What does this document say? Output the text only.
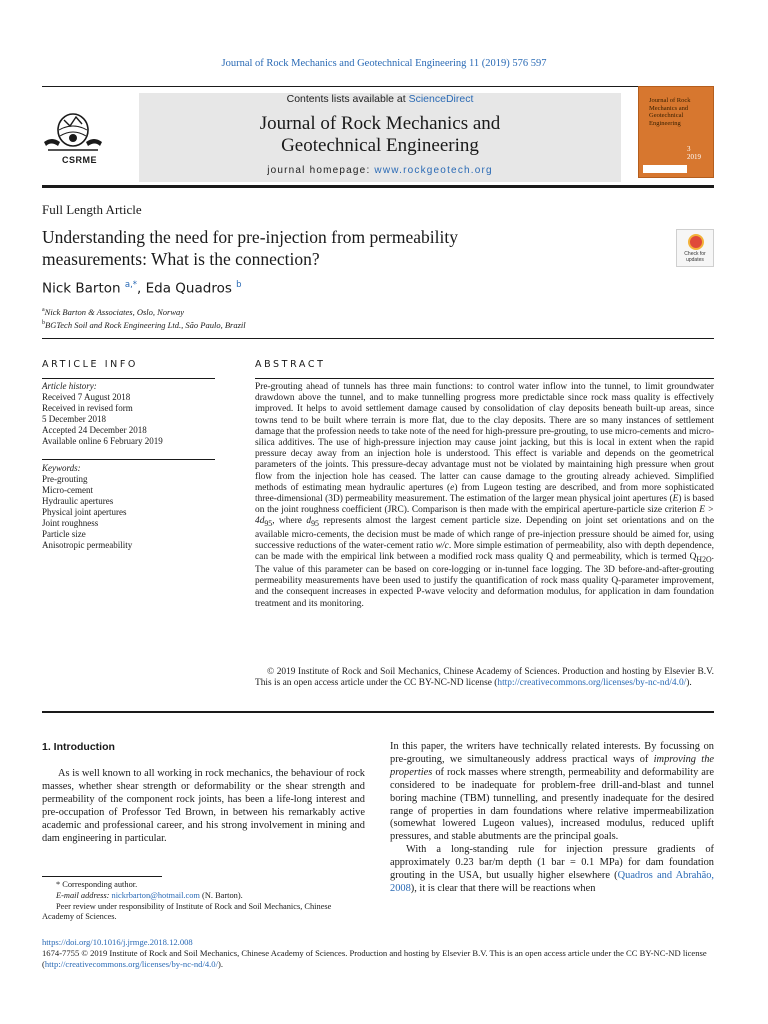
Journal of Rock Mechanics and Geotechnical Engineering 11 (2019) 576 597
CSRME
Contents lists available at ScienceDirect
Journal of Rock Mechanics and
Geotechnical Engineering
journal homepage: www.rockgeotech.org
Journal of Rock Mechanics and Geotechnical Engineering
3
2019
Full Length Article
Understanding the need for pre-injection from permeability
measurements: What is the connection?	Check for updates
Nick Barton $^{a,*}$, Eda Quadros $^b$
$^a$Nick Barton & Associates, Oslo, Norway
$^b$BGTech Soil and Rock Engineering Ltd., São Paulo, Brazil
ARTICLE INFO
Article history:
Received 7 August 2018
Received in revised form
5 December 2018
Accepted 24 December 2018
Available online 6 February 2019
Keywords:
Pre-grouting
Micro-cement
Hydraulic apertures
Physical joint apertures
Joint roughness
Particle size
Anisotropic permeability
ABSTRACT
Pre-grouting ahead of tunnels has three main functions: to control water inflow into the tunnel, to limit groundwater drawdown above the tunnel, and to make tunnelling progress more predictable since rock mass quality is effectively improved. It helps to avoid settlement damage caused by consolidation of clay deposits beneath built-up areas, since towns tend to be built where terrain is more flat, due to the clay deposits. There are so many instances of settlement damage that the profession needs to take note of the need for high-pressure pre-grouting, to use micro-cements and micro-silica additives. The use of high-pressure injection may cause joint jacking, but this is local in extent when the rapid pressure decay away from an injection hole is understood. This effect is variable and depends on the geometrical parameters of the joints. This pressure-decay advantage must not be violated by maintaining high pressure when grout flow from the injection hole has ceased. The latter can cause damage to the grouting already achieved. Simplified methods of estimating mean hydraulic apertures (e) from Lugeon testing are described, and from more sophisticated three-dimensional (3D) permeability measurement. The estimation of the larger mean physical joint apertures (E) is based on the joint roughness coefficient (JRC). Comparison is then made with the empirical aperture-particle size criterion $E > 4d_{95}$, where $d_{95}$ represents almost the largest cement particle size. Depending on joint set orientations and on the available micro-cements, the decision must be made of which range of pre-injection pressure should be aimed for, using successive reductions of the water-cement ratio w/c. More simple estimation of permeability, also with depth dependence, can be made with the empirical link between a modified rock mass quality Q and permeability, which is termed $Q_{H2O}$. The value of this parameter can be based on core-logging or in-tunnel face logging. The 3D before-and-after-grouting permeability measurements have been used to justify the quantification of rock mass quality Q-parameter improvement, and the consequent increases in expected P-wave velocity and deformation modulus, for application in dam foundation treatment and its monitoring.
© 2019 Institute of Rock and Soil Mechanics, Chinese Academy of Sciences. Production and hosting by Elsevier B.V. This is an open access article under the CC BY-NC-ND license (http://creativecommons.org/licenses/by-nc-nd/4.0/).
1. Introduction
As is well known to all working in rock mechanics, the behaviour of rock masses, whether shear strength or deformability or the shear strength and permeability of the component rock joints, has been a life-long interest and pre-occupation of Professor Ted Brown, in between his remarkably active academic and professional career, and his strong involvement in mining and dam engineering in particular.

In this paper, the writers have technically related interests. By focussing on pre-grouting, we simultaneously address practical ways of improving the properties of rock masses where strength, permeability and deformability are considered to be inadequate for problem-free drill-and-blast and tunnel boring machine (TBM) tunnelling, and presently inadequate for the desired range of properties in dam foundations where relative impermeabilization (somewhat lowered Lugeon values), increased modulus, reduced uplift pressures, and stable abutments are the principal goals.

With a long-standing rule for injection pressure gradients of approximately 0.23 bar/m depth (1 bar = 0.1 MPa) for dam foundation grouting in the USA, but usually higher elsewhere (Quadros and Abrahão, 2008), it is clear that there will be reactions when

* Corresponding author.
E-mail address: nickrbarton@hotmail.com (N. Barton).
Peer review under responsibility of Institute of Rock and Soil Mechanics, Chinese Academy of Sciences.
https://doi.org/10.1016/j.jrmge.2018.12.008
1674-7755 © 2019 Institute of Rock and Soil Mechanics, Chinese Academy of Sciences. Production and hosting by Elsevier B.V. This is an open access article under the CC BY-NC-ND license (http://creativecommons.org/licenses/by-nc-nd/4.0/).
